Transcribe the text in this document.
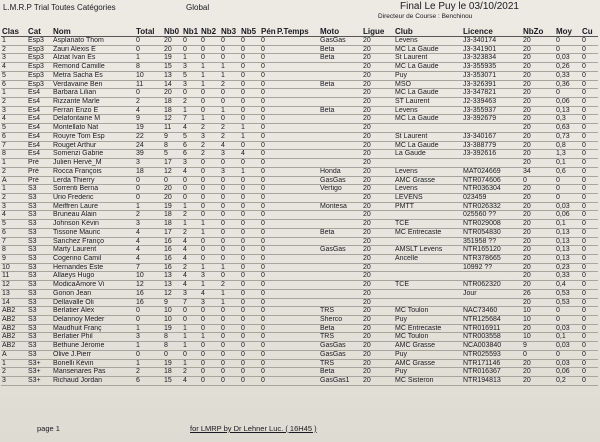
L.M.R.P Trial Toutes Catégories	Global	Final Le Puy le 03/10/2021
Directeur de Course : Benchinou
Clas	Cat	Nom	Total	Nb0	Nb1	Nb2	Nb3	Nb5	Pén	P.Temps	Moto	Ligue	Club	Licence	NbZo	Moy	Cu
1	Esp3	Asplanato Thom	0	20	0	0	0	0	0		GasGas	20	Levens	J3-340174	20	0	0
2	Esp3	Zauri Alexis E	0	20	0	0	0	0	0		Beta	20	MC La Gaude	J3-341901	20	0	0
3	Esp3	Alziat Ivan Es	1	19	1	0	0	0	0		Beta	20	St Laurent	J3-323834	20	0,03	0
4	Esp3	Remond Camille	8	15	3	1	1	0	0			20	MC La Gaude	J3-355935	20	0,26	0
5	Esp3	Metra Sacha Es	10	13	5	1	1	0	0			20	Puy	J3-353071	20	0,33	0
6	Esp3	Verdavaine Ben	11	14	3	1	2	0	0		Beta	20	MSO	J3-326391	20	0,36	0
1	Es4	Barbara Lilian	0	20	0	0	0	0	0			20	MC La Gaude	J3-347821	20	0	0
2	Es4	Rizzante Marle	2	18	2	0	0	0	0			20	ST Laurent	J2-339463	20	0,06	0
3	Es4	Ferrari Enzo E	4	18	1	0	1	0	0		Beta	20	Levens	J3-355937	20	0,13	0
4	Es4	Delafontaine M	9	12	7	1	0	0	0			20	MC La Gaude	J3-392679	20	0,3	0
5	Es4	Montellato Nat	19	11	4	2	2	1	0			20			20	0,63	0
6	Es4	Rouyre Tom Esp	22	9	5	3	2	1	0			20	St Laurent	J3-340167	20	0,73	0
7	Es4	Rouget Arthur	24	8	6	2	4	0	0			20	MC La Gaude	J3-388779	20	0,8	0
8	Es4	Somenzi Gabrie	39	5	6	2	3	4	0			20	La Gaude	J3-392616	20	1,3	0
1	Pré	Julien Hervé_M	3	17	3	0	0	0	0			20			20	0,1	0
2	Pré	Rocca François	18	12	4	0	3	1	0		Honda	20	Levens	MAT024669	34	0,6	0
A	Pré	Lerda Thierry	0	0	0	0	0	0	0		GasGas	20	AMC Grasse	NTR074606	0	0	0
1	S3	Sorrenti Berna	0	20	0	0	0	0	0		Vertigo	20	Levens	NTR036304	20	0	0
2	S3	Urio Frederic	0	20	0	0	0	0	0			20	LEVENS	023459	20	0	0
3	S3	Meiffren Laure	1	19	1	0	0	0	0		Montesa	20	PMTT	NTR026332	20	0,03	0
4	S3	Bruneau Alain	2	18	2	0	0	0	0			20		025560 ??	20	0,06	0
5	S3	Johnson Kévin	3	18	1	1	0	0	0			20	TCE	NTR029008	20	0,1	0
6	S3	Tissone Mauric	4	17	2	1	0	0	0		Beta	20	MC Entrecaste	NTR054830	20	0,13	0
7	S3	Sanchez Franço	4	16	4	0	0	0	0			20		351958 ??	20	0,13	0
8	S3	Marty Laurent	4	16	4	0	0	0	0		GasGas	20	AMSLT Levens	NTR165120	20	0,13	0
9	S3	Cogerino Camil	4	16	4	0	0	0	0			20	Ancelle	NTR378665	20	0,13	0
10	S3	Hernandes Este	7	16	2	1	1	0	0			20		10992 ??	20	0,23	0
11	S3	Allaeys Hugo	10	13	4	3	0	0	0			20			20	0,33	0
12	S3	ModicaAmore Vi	12	13	4	1	2	0	0			20	TCE	NTR062320	20	0,4	0
13	S3	Gonon Jean	16	12	3	4	1	0	0			20		Jour	26	0,53	0
14	S3	Dellavalle Oli	16	9	7	3	1	0	0			20			20	0,53	0
AB2	S3	Berlatier Alex	0	10	0	0	0	0	0		TRS	20	MC Toulon	NAC73460	10	0	0
AB2	S3	Delannoy Meder	0	10	0	0	0	0	0		Sherco	20	Puy	NTR125684	10	0	0
AB2	S3	Maudhuit Franç	1	19	1	0	0	0	0		Beta	20	MC Entrecaste	NTR016911	20	0,03	0
AB2	S3	Berlatier Phil	3	8	1	1	0	0	0		TRS	20	MC Toulon	NTR003558	10	0,1	0
AB2	S3	Bethune Jérome	1	8	1	0	0	0	0		GasGas	20	AMC Grasse	NCA003840	9	0,03	0
A	S3	Olive J.Pierr	0	0	0	0	0	0	0		GasGas	20	Puy	NTR025593	0	0	0
1	S3+	Bonelli Kévin	1	19	1	0	0	0	0		TRS	20	AMC Grasse	NTR171146	20	0,03	0
2	S3+	Mansenares Pas	2	18	2	0	0	0	0		Beta	20	Puy	NTR016367	20	0,06	0
3	S3+	Richaud Jordan	6	15	4	0	0	0	0		GasGas1	20	MC Sisteron	NTR194813	20	0,2	0
page 1	for LMRP by Dr Lehner Luc. ( 16H45 )
